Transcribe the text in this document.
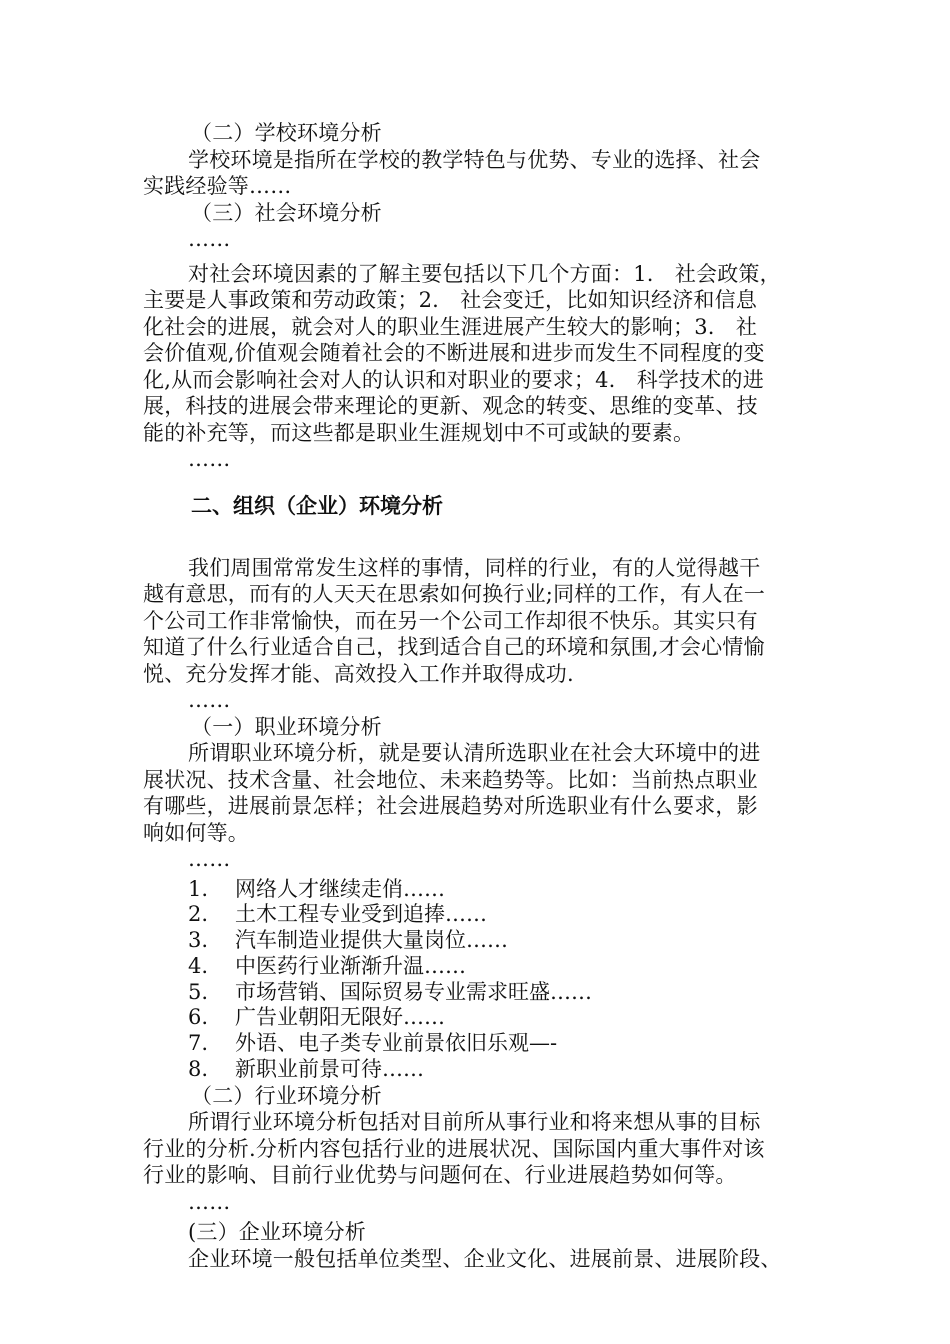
（二）学校环境分析
学校环境是指所在学校的教学特色与优势、专业的选择、社会
实践经验等……
（三）社会环境分析
……
对社会环境因素的了解主要包括以下几个方面：1.　社会政策，
主要是人事政策和劳动政策；2.　社会变迁，比如知识经济和信息
化社会的进展，就会对人的职业生涯进展产生较大的影响；3.　社
会价值观,价值观会随着社会的不断进展和进步而发生不同程度的变
化,从而会影响社会对人的认识和对职业的要求；4.　科学技术的进
展，科技的进展会带来理论的更新、观念的转变、思维的变革、技
能的补充等，而这些都是职业生涯规划中不可或缺的要素。
……
二、组织（企业）环境分析
我们周围常常发生这样的事情，同样的行业，有的人觉得越干
越有意思，而有的人天天在思索如何换行业;同样的工作，有人在一
个公司工作非常愉快，而在另一个公司工作却很不快乐。其实只有
知道了什么行业适合自己，找到适合自己的环境和氛围,才会心情愉
悦、充分发挥才能、高效投入工作并取得成功.
……
（一）职业环境分析
所谓职业环境分析，就是要认清所选职业在社会大环境中的进
展状况、技术含量、社会地位、未来趋势等。比如：当前热点职业
有哪些，进展前景怎样；社会进展趋势对所选职业有什么要求，影
响如何等。
……
1. 网络人才继续走俏……
2. 土木工程专业受到追捧……
3. 汽车制造业提供大量岗位……
4. 中医药行业渐渐升温……
5. 市场营销、国际贸易专业需求旺盛……
6. 广告业朝阳无限好……
7. 外语、电子类专业前景依旧乐观—-
8. 新职业前景可待……
（二）行业环境分析
所谓行业环境分析包括对目前所从事行业和将来想从事的目标
行业的分析.分析内容包括行业的进展状况、国际国内重大事件对该
行业的影响、目前行业优势与问题何在、行业进展趋势如何等。
……
(三）企业环境分析
企业环境一般包括单位类型、企业文化、进展前景、进展阶段、
